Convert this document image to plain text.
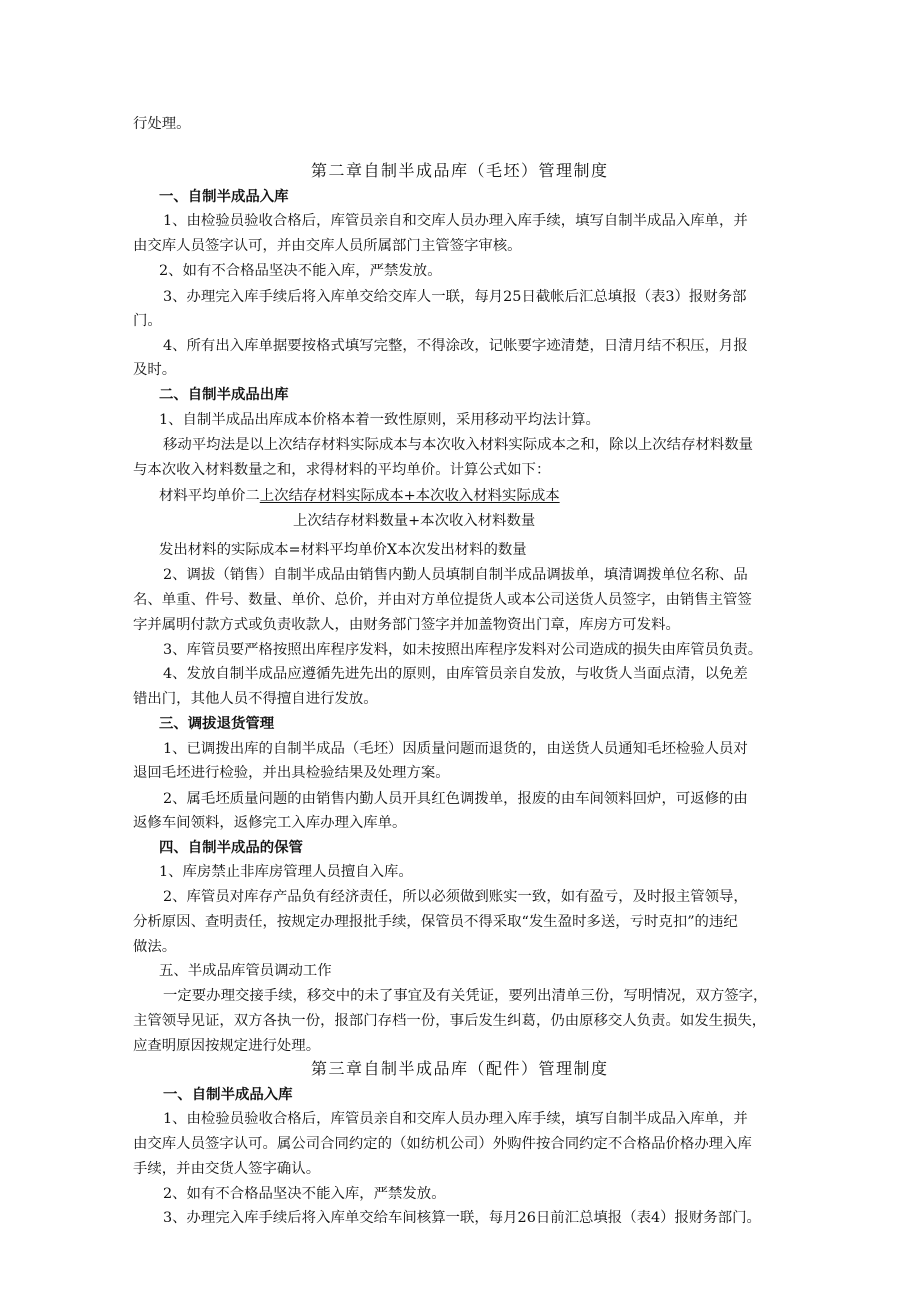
行处理。
第二章自制半成品库（毛坯）管理制度
一、自制半成品入库
1、由检验员验收合格后，库管员亲自和交库人员办理入库手续，填写自制半成品入库单，并
由交库人员签字认可，并由交库人员所属部门主管签字审核。
2、如有不合格品坚决不能入库，严禁发放。
3、办理完入库手续后将入库单交给交库人一联，每月25日截帐后汇总填报（表3）报财务部
门。
4、所有出入库单据要按格式填写完整，不得涂改，记帐要字迹清楚，日清月结不积压，月报
及时。
二、自制半成品出库
1、自制半成品出库成本价格本着一致性原则，采用移动平均法计算。
移动平均法是以上次结存材料实际成本与本次收入材料实际成本之和，除以上次结存材料数量
与本次收入材料数量之和，求得材料的平均单价。计算公式如下：
材料平均单价二上次结存材料实际成本+本次收入材料实际成本
上次结存材料数量+本次收入材料数量
发出材料的实际成本=材料平均单价X本次发出材料的数量
2、调拔（销售）自制半成品由销售内勤人员填制自制半成品调拔单，填清调拨单位名称、品
名、单重、件号、数量、单价、总价，并由对方单位提货人或本公司送货人员签字，由销售主管签
字并属明付款方式或负责收款人，由财务部门签字并加盖物资出门章，库房方可发料。
3、库管员要严格按照出库程序发料，如未按照出库程序发料对公司造成的损失由库管员负责。
4、发放自制半成品应遵循先进先出的原则，由库管员亲自发放，与收货人当面点清，以免差
错出门，其他人员不得擅自进行发放。
三、调拔退货管理
1、已调拨出库的自制半成品（毛坯）因质量问题而退货的，由送货人员通知毛坯检验人员对
退回毛坯进行检验，并出具检验结果及处理方案。
2、属毛坯质量问题的由销售内勤人员开具红色调拨单，报废的由车间领料回炉，可返修的由
返修车间领料，返修完工入库办理入库单。
四、自制半成品的保管
1、库房禁止非库房管理人员擅自入库。
2、库管员对库存产品负有经济责任，所以必须做到账实一致，如有盈亏，及时报主管领导，
分析原因、查明责任，按规定办理报批手续，保管员不得采取“发生盈时多送，亏时克扣”的违纪
做法。
五、半成品库管员调动工作
一定要办理交接手续，移交中的未了事宜及有关凭证，要列出清单三份，写明情况，双方签字，
主管领导见证，双方各执一份，报部门存档一份，事后发生纠葛，仍由原移交人负责。如发生损失，
应查明原因按规定进行处理。
第三章自制半成品库（配件）管理制度
一、自制半成品入库
1、由检验员验收合格后，库管员亲自和交库人员办理入库手续，填写自制半成品入库单，并
由交库人员签字认可。属公司合同约定的（如纺机公司）外购件按合同约定不合格品价格办理入库
手续，并由交货人签字确认。
2、如有不合格品坚决不能入库，严禁发放。
3、办理完入库手续后将入库单交给车间核算一联，每月26日前汇总填报（表4）报财务部门。
